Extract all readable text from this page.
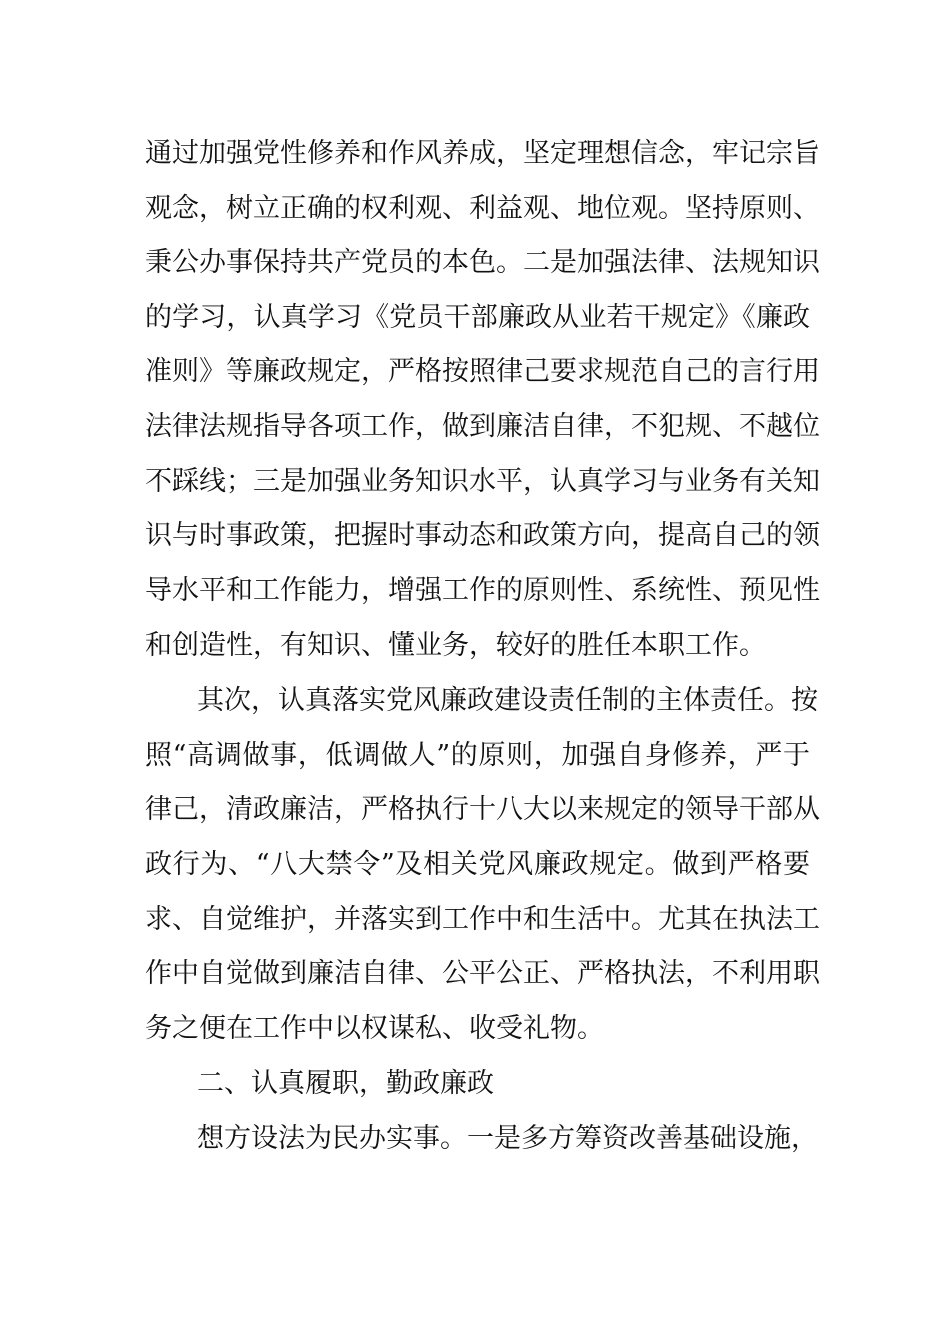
通过加强党性修养和作风养成，坚定理想信念，牢记宗旨
观念，树立正确的权利观、利益观、地位观。坚持原则、
秉公办事保持共产党员的本色。二是加强法律、法规知识
的学习，认真学习《党员干部廉政从业若干规定》《廉政
准则》等廉政规定，严格按照律己要求规范自己的言行用
法律法规指导各项工作，做到廉洁自律，不犯规、不越位
不踩线；三是加强业务知识水平，认真学习与业务有关知
识与时事政策，把握时事动态和政策方向，提高自己的领
导水平和工作能力，增强工作的原则性、系统性、预见性
和创造性，有知识、懂业务，较好的胜任本职工作。
其次，认真落实党风廉政建设责任制的主体责任。按
照“高调做事，低调做人”的原则，加强自身修养，严于
律己，清政廉洁，严格执行十八大以来规定的领导干部从
政行为、“八大禁令”及相关党风廉政规定。做到严格要
求、自觉维护，并落实到工作中和生活中。尤其在执法工
作中自觉做到廉洁自律、公平公正、严格执法，不利用职
务之便在工作中以权谋私、收受礼物。
二、认真履职，勤政廉政
想方设法为民办实事。一是多方筹资改善基础设施，
